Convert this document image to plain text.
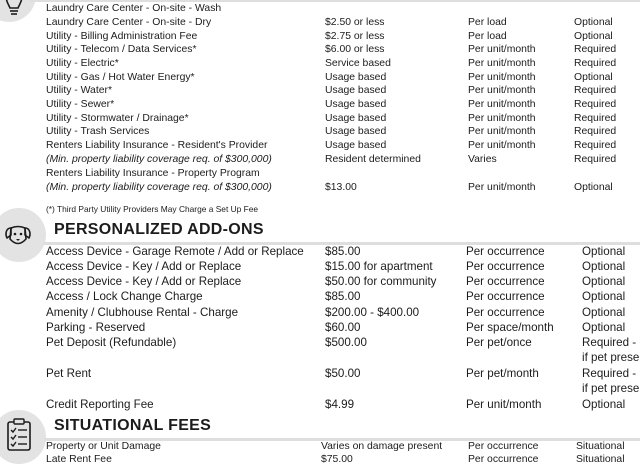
Laundry Care Center - On-site - Wash
Laundry Care Center - On-site - Dry	$2.50 or less	Per load	Optional
Utility - Billing Administration Fee	$2.75 or less	Per load	Optional
Utility - Telecom / Data Services*	$6.00 or less	Per unit/month	Required
Utility - Electric*	Service based	Per unit/month	Required
Utility - Gas / Hot Water Energy*	Usage based	Per unit/month	Optional
Utility - Water*	Usage based	Per unit/month	Required
Utility - Sewer*	Usage based	Per unit/month	Required
Utility - Stormwater / Drainage*	Usage based	Per unit/month	Required
Utility - Trash Services	Usage based	Per unit/month	Required
Renters Liability Insurance - Resident's Provider	Usage based	Per unit/month	Required
(Min. property liability coverage req. of $300,000)	Resident determined	Varies	Required
Renters Liability Insurance - Property Program
(Min. property liability coverage req. of $300,000)	$13.00	Per unit/month	Optional
(*) Third Party Utility Providers May Charge a Set Up Fee
PERSONALIZED ADD-ONS
Access Device - Garage Remote / Add or Replace $85.00	Per occurrence	Optional
Access Device - Key / Add or Replace	$15.00 for apartment	Per occurrence	Optional
Access Device - Key / Add or Replace	$50.00 for community	Per occurrence	Optional
Access / Lock Change Charge	$85.00	Per occurrence	Optional
Amenity / Clubhouse Rental - Charge	$200.00 - $400.00	Per occurrence	Optional
Parking - Reserved	$60.00	Per space/month Optional
Pet Deposit (Refundable)	$500.00	Per pet/once	Required -
if pet prese
Pet Rent	$50.00	Per pet/month	Required -
if pet prese
Credit Reporting Fee	$4.99	Per unit/month	Optional
SITUATIONAL FEES
Property or Unit Damage	Varies on damage present Per occurrence	Situational
Late Rent Fee	$75.00	Per occurrence	Situational
